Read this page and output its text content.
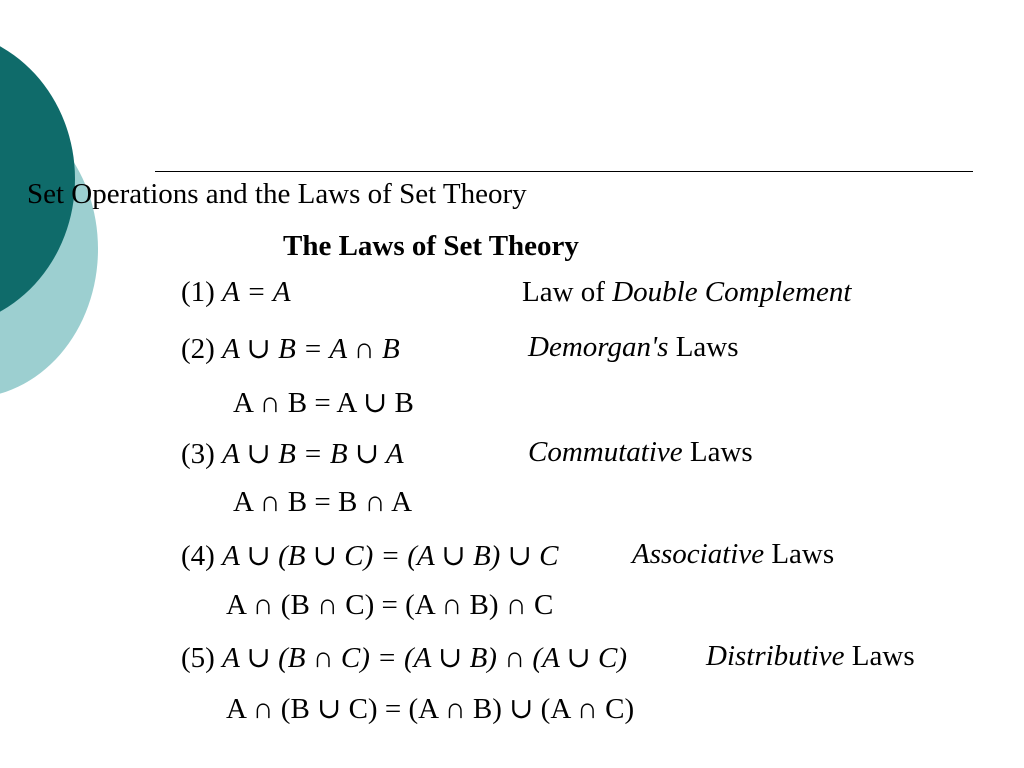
Set Operations and the Laws of Set Theory
The Laws of Set Theory
(1) A = A	Law of Double Complement
(2) A ∪ B = A ∩ B
A ∩ B = A ∪ B
Demorgan's Laws
(3) A ∪ B = B ∪ A
A ∩ B = B ∩ A
Commutative Laws
(4) A ∪ (B ∪ C) = (A ∪ B) ∪ C
A ∩ (B ∩ C) = (A ∩ B) ∩ C
Associative Laws
(5) A ∪ (B ∩ C) = (A ∪ B) ∩ (A ∪ C)
A ∩ (B ∪ C) = (A ∩ B) ∪ (A ∩ C)
Distributive Laws
